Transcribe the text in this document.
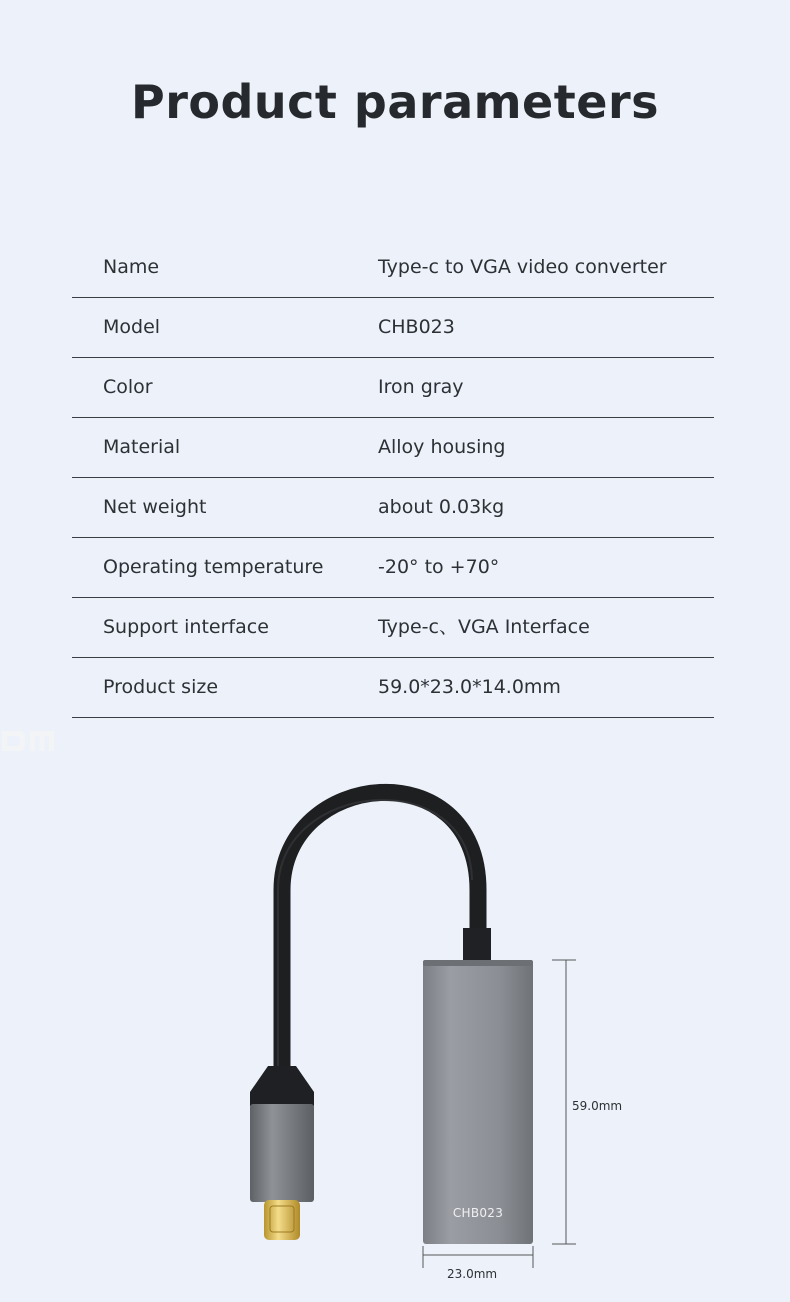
Product parameters
Name	Type-c to VGA video converter
Model	CHB023
Color	Iron gray
Material	Alloy housing
Net weight	about 0.03kg
Operating temperature	-20° to +70°
Support interface	Type-c、VGA Interface
Product size	59.0*23.0*14.0mm
CHB023
59.0mm
23.0mm
